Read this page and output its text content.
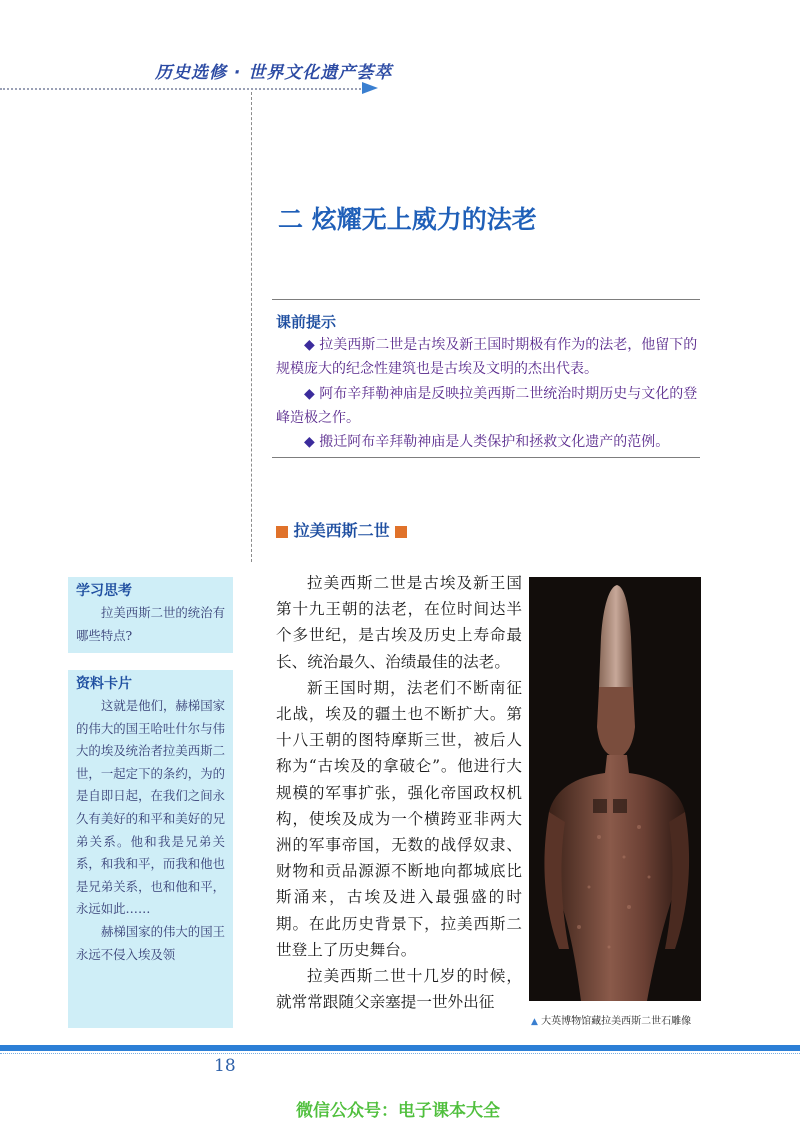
历史选修 · 世界文化遗产荟萃
二 炫耀无上威力的法老
课前提示

◆ 拉美西斯二世是古埃及新王国时期极有作为的法老，他留下的规模庞大的纪念性建筑也是古埃及文明的杰出代表。

◆ 阿布辛拜勒神庙是反映拉美西斯二世统治时期历史与文化的登峰造极之作。

◆ 搬迁阿布辛拜勒神庙是人类保护和拯救文化遗产的范例。

拉美西斯二世

拉美西斯二世是古埃及新王国第十九王朝的法老，在位时间达半个多世纪，是古埃及历史上寿命最长、统治最久、治绩最佳的法老。

新王国时期，法老们不断南征北战，埃及的疆土也不断扩大。第十八王朝的图特摩斯三世，被后人称为“古埃及的拿破仑”。他进行大规模的军事扩张，强化帝国政权机构，使埃及成为一个横跨亚非两大洲的军事帝国，无数的战俘奴隶、财物和贡品源源不断地向都城底比斯涌来，古埃及进入最强盛的时期。在此历史背景下，拉美西斯二世登上了历史舞台。

拉美西斯二世十几岁的时候，就常常跟随父亲塞提一世外出征

▲ 大英博物馆藏拉美西斯二世石雕像
学习思考

拉美西斯二世的统治有哪些特点?

资料卡片

这就是他们，赫梯国家的伟大的国王哈吐什尔与伟大的埃及统治者拉美西斯二世，一起定下的条约，为的是自即日起，在我们之间永久有美好的和平和美好的兄弟关系。他和我是兄弟关系，和我和平，而我和他也是兄弟关系，也和他和平，永远如此……

赫梯国家的伟大的国王永远不侵入埃及领

18
微信公众号：电子课本大全
